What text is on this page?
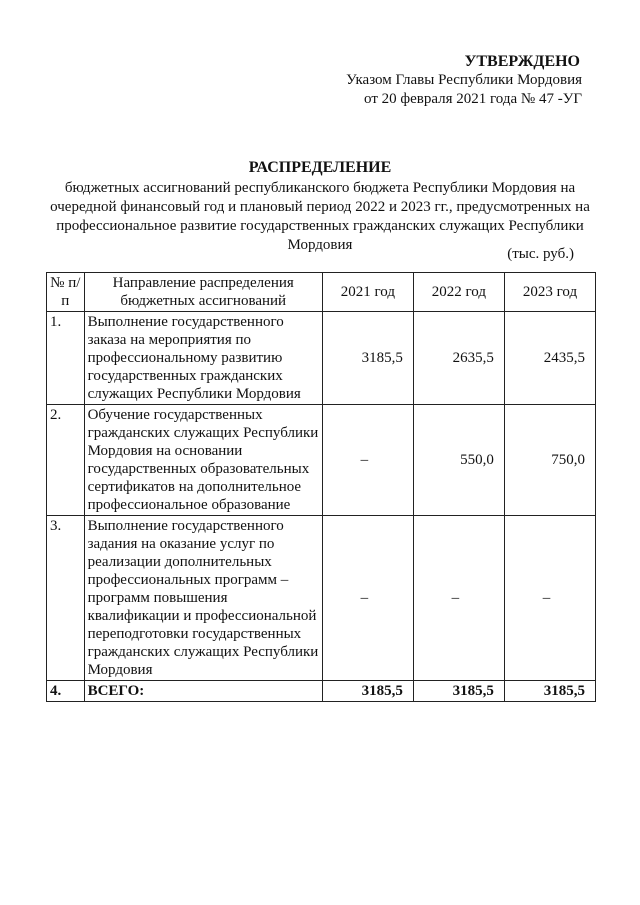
УТВЕРЖДЕНО
Указом Главы Республики Мордовия
от 20 февраля 2021 года № 47 -УГ
РАСПРЕДЕЛЕНИЕ
бюджетных ассигнований республиканского бюджета Республики Мордовия на очередной финансовый год и плановый период 2022 и 2023 гг., предусмотренных на профессиональное развитие государственных гражданских служащих Республики Мордовия
(тыс. руб.)
№ п/п	Направление распределения бюджетных ассигнований	2021 год	2022 год	2023 год
1.	Выполнение государственного заказа на мероприятия по профессиональному развитию государственных гражданских служащих Республики Мордовия	3185,5	2635,5	2435,5
2.	Обучение государственных гражданских служащих Республики Мордовия на основании государственных образовательных сертификатов на дополнительное профессиональное образование	–	550,0	750,0
3.	Выполнение государственного задания на оказание услуг по реализации дополнительных профессиональных программ – программ повышения квалификации и профессиональной переподготовки государственных гражданских служащих Республики Мордовия	–	–	–
4.	ВСЕГО:	3185,5	3185,5	3185,5
